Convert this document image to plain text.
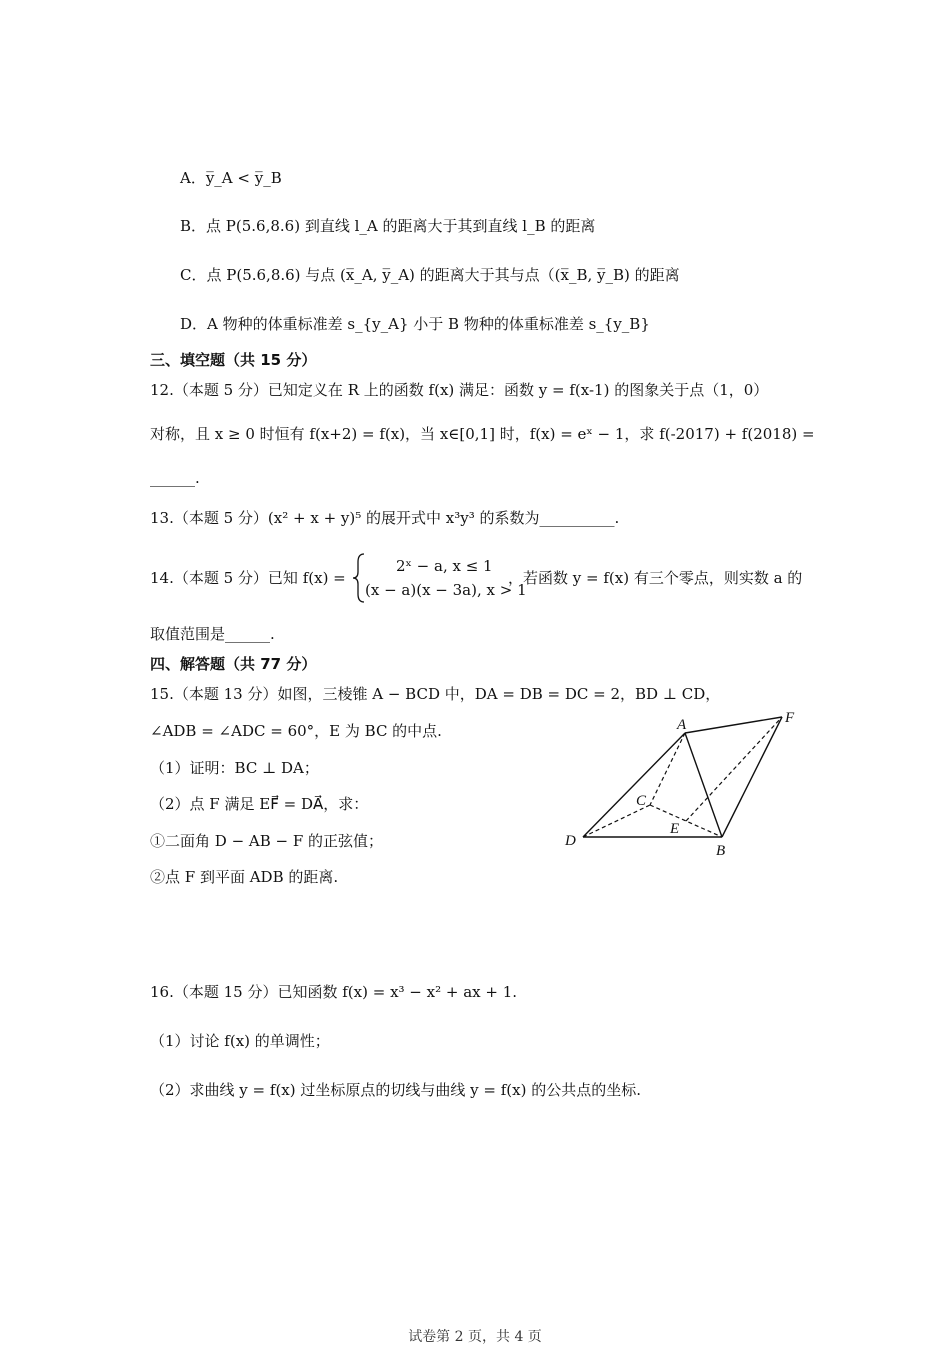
A．y̅_A < y̅_B
B．点 P(5.6,8.6) 到直线 l_A 的距离大于其到直线 l_B 的距离
C．点 P(5.6,8.6) 与点 (x̅_A, y̅_A) 的距离大于其与点（(x̅_B, y̅_B) 的距离
D．A 物种的体重标准差 s_{y_A} 小于 B 物种的体重标准差 s_{y_B}
三、填空题（共 15 分）
12.（本题 5 分）已知定义在 R 上的函数 f(x) 满足：函数 y = f(x-1) 的图象关于点（1，0）
对称，且 x ≥ 0 时恒有 f(x+2) = f(x)，当 x∈[0,1] 时，f(x) = eˣ − 1，求 f(-2017) + f(2018) =
______.
13.（本题 5 分）(x² + x + y)⁵ 的展开式中 x³y³ 的系数为__________.
14.（本题 5 分）已知 f(x) =
2ˣ − a, x ≤ 1
(x − a)(x − 3a), x > 1
，若函数 y = f(x) 有三个零点，则实数 a 的
取值范围是______.
四、解答题（共 77 分）
15.（本题 13 分）如图，三棱锥 A − BCD 中，DA = DB = DC = 2，BD ⊥ CD，
∠ADB = ∠ADC = 60°，E 为 BC 的中点.
（1）证明：BC ⊥ DA；
（2）点 F 满足 EF⃗ = DA⃗，求：
①二面角 D − AB − F 的正弦值；
②点 F 到平面 ADB 的距离.
A	F
C
E
D
B
16.（本题 15 分）已知函数 f(x) = x³ − x² + ax + 1.
（1）讨论 f(x) 的单调性；
（2）求曲线 y = f(x) 过坐标原点的切线与曲线 y = f(x) 的公共点的坐标.
试卷第 2 页，共 4 页
